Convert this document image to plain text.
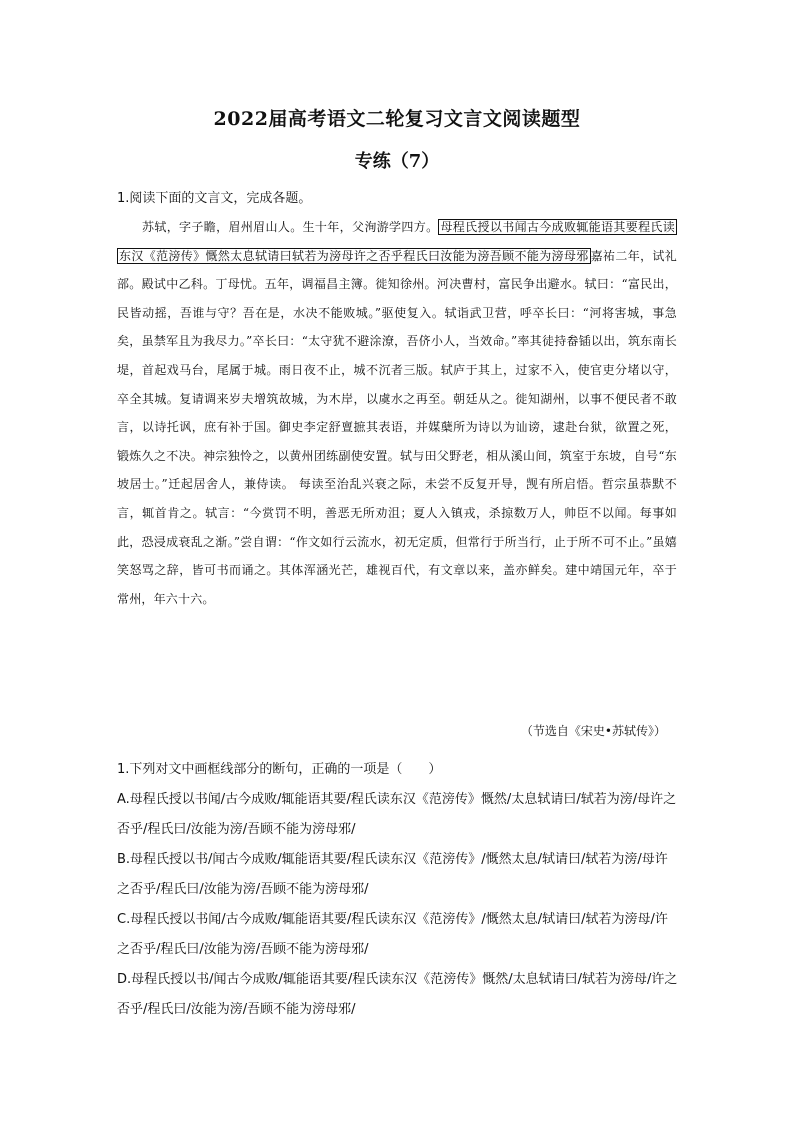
2022届高考语文二轮复习文言文阅读题型
专练（7）
1.阅读下面的文言文，完成各题。
苏轼，字子瞻，眉州眉山人。生十年，父洵游学四方。 母程氏授以书闻古今成败辄能语其要程氏读东汉《范滂传》慨然太息轼请曰轼若为滂母许之否乎程氏曰汝能为滂吾顾不能为滂母邪 嘉祐二年，试礼部。殿试中乙科。丁母忧。五年，调福昌主簿。徙知徐州。河决曹村，富民争出避水。轼曰：“富民出，民皆动摇，吾谁与守？吾在是，水决不能败城。”驱使复入。轼诣武卫营，呼卒长曰：“河将害城，事急矣，虽禁军且为我尽力。”卒长曰：“太守犹不避涂潦，吾侪小人，当效命。”率其徒持畚锸以出，筑东南长堤，首起戏马台，尾属于城。雨日夜不止，城不沉者三版。轼庐于其上，过家不入，使官吏分堵以守，卒全其城。复请调来岁夫增筑故城，为木岸，以虞水之再至。朝廷从之。徙知湖州，以事不便民者不敢言，以诗托讽，庶有补于国。御史李定舒亶摭其表语，并媒蘖所为诗以为讪谤，逮赴台狱，欲置之死，锻炼久之不决。神宗独怜之，以黄州团练副使安置。轼与田父野老，相从溪山间，筑室于东坡，自号“东坡居士。”迁起居舍人，兼侍读。 每读至治乱兴衰之际，未尝不反复开导，觊有所启悟。哲宗虽恭默不言，辄首肯之。轼言：“今赏罚不明，善恶无所劝沮；夏人入镇戎，杀掠数万人，帅臣不以闻。每事如此，恐浸成衰乱之渐。”尝自谓：“作文如行云流水，初无定质，但常行于所当行，止于所不可不止。”虽嬉笑怒骂之辞，皆可书而诵之。其体浑涵光芒，雄视百代，有文章以来，盖亦鲜矣。建中靖国元年，卒于常州，年六十六。
（节选自《宋史•苏轼传》）

1.下列对文中画框线部分的断句，正确的一项是（　　）

A.母程氏授以书闻/古今成败/辄能语其要/程氏读东汉《范滂传》慨然/太息轼请曰/轼若为滂/母许之否乎/程氏曰/汝能为滂/吾顾不能为滂母邪/

B.母程氏授以书/闻古今成败/辄能语其要/程氏读东汉《范滂传》/慨然太息/轼请曰/轼若为滂/母许之否乎/程氏曰/汝能为滂/吾顾不能为滂母邪/

C.母程氏授以书闻/古今成败/辄能语其要/程氏读东汉《范滂传》/慨然太息/轼请曰/轼若为滂母/许之否乎/程氏曰/汝能为滂/吾顾不能为滂母邪/

D.母程氏授以书/闻古今成败/辄能语其要/程氏读东汉《范滂传》慨然/太息轼请曰/轼若为滂母/许之否乎/程氏曰/汝能为滂/吾顾不能为滂母邪/
